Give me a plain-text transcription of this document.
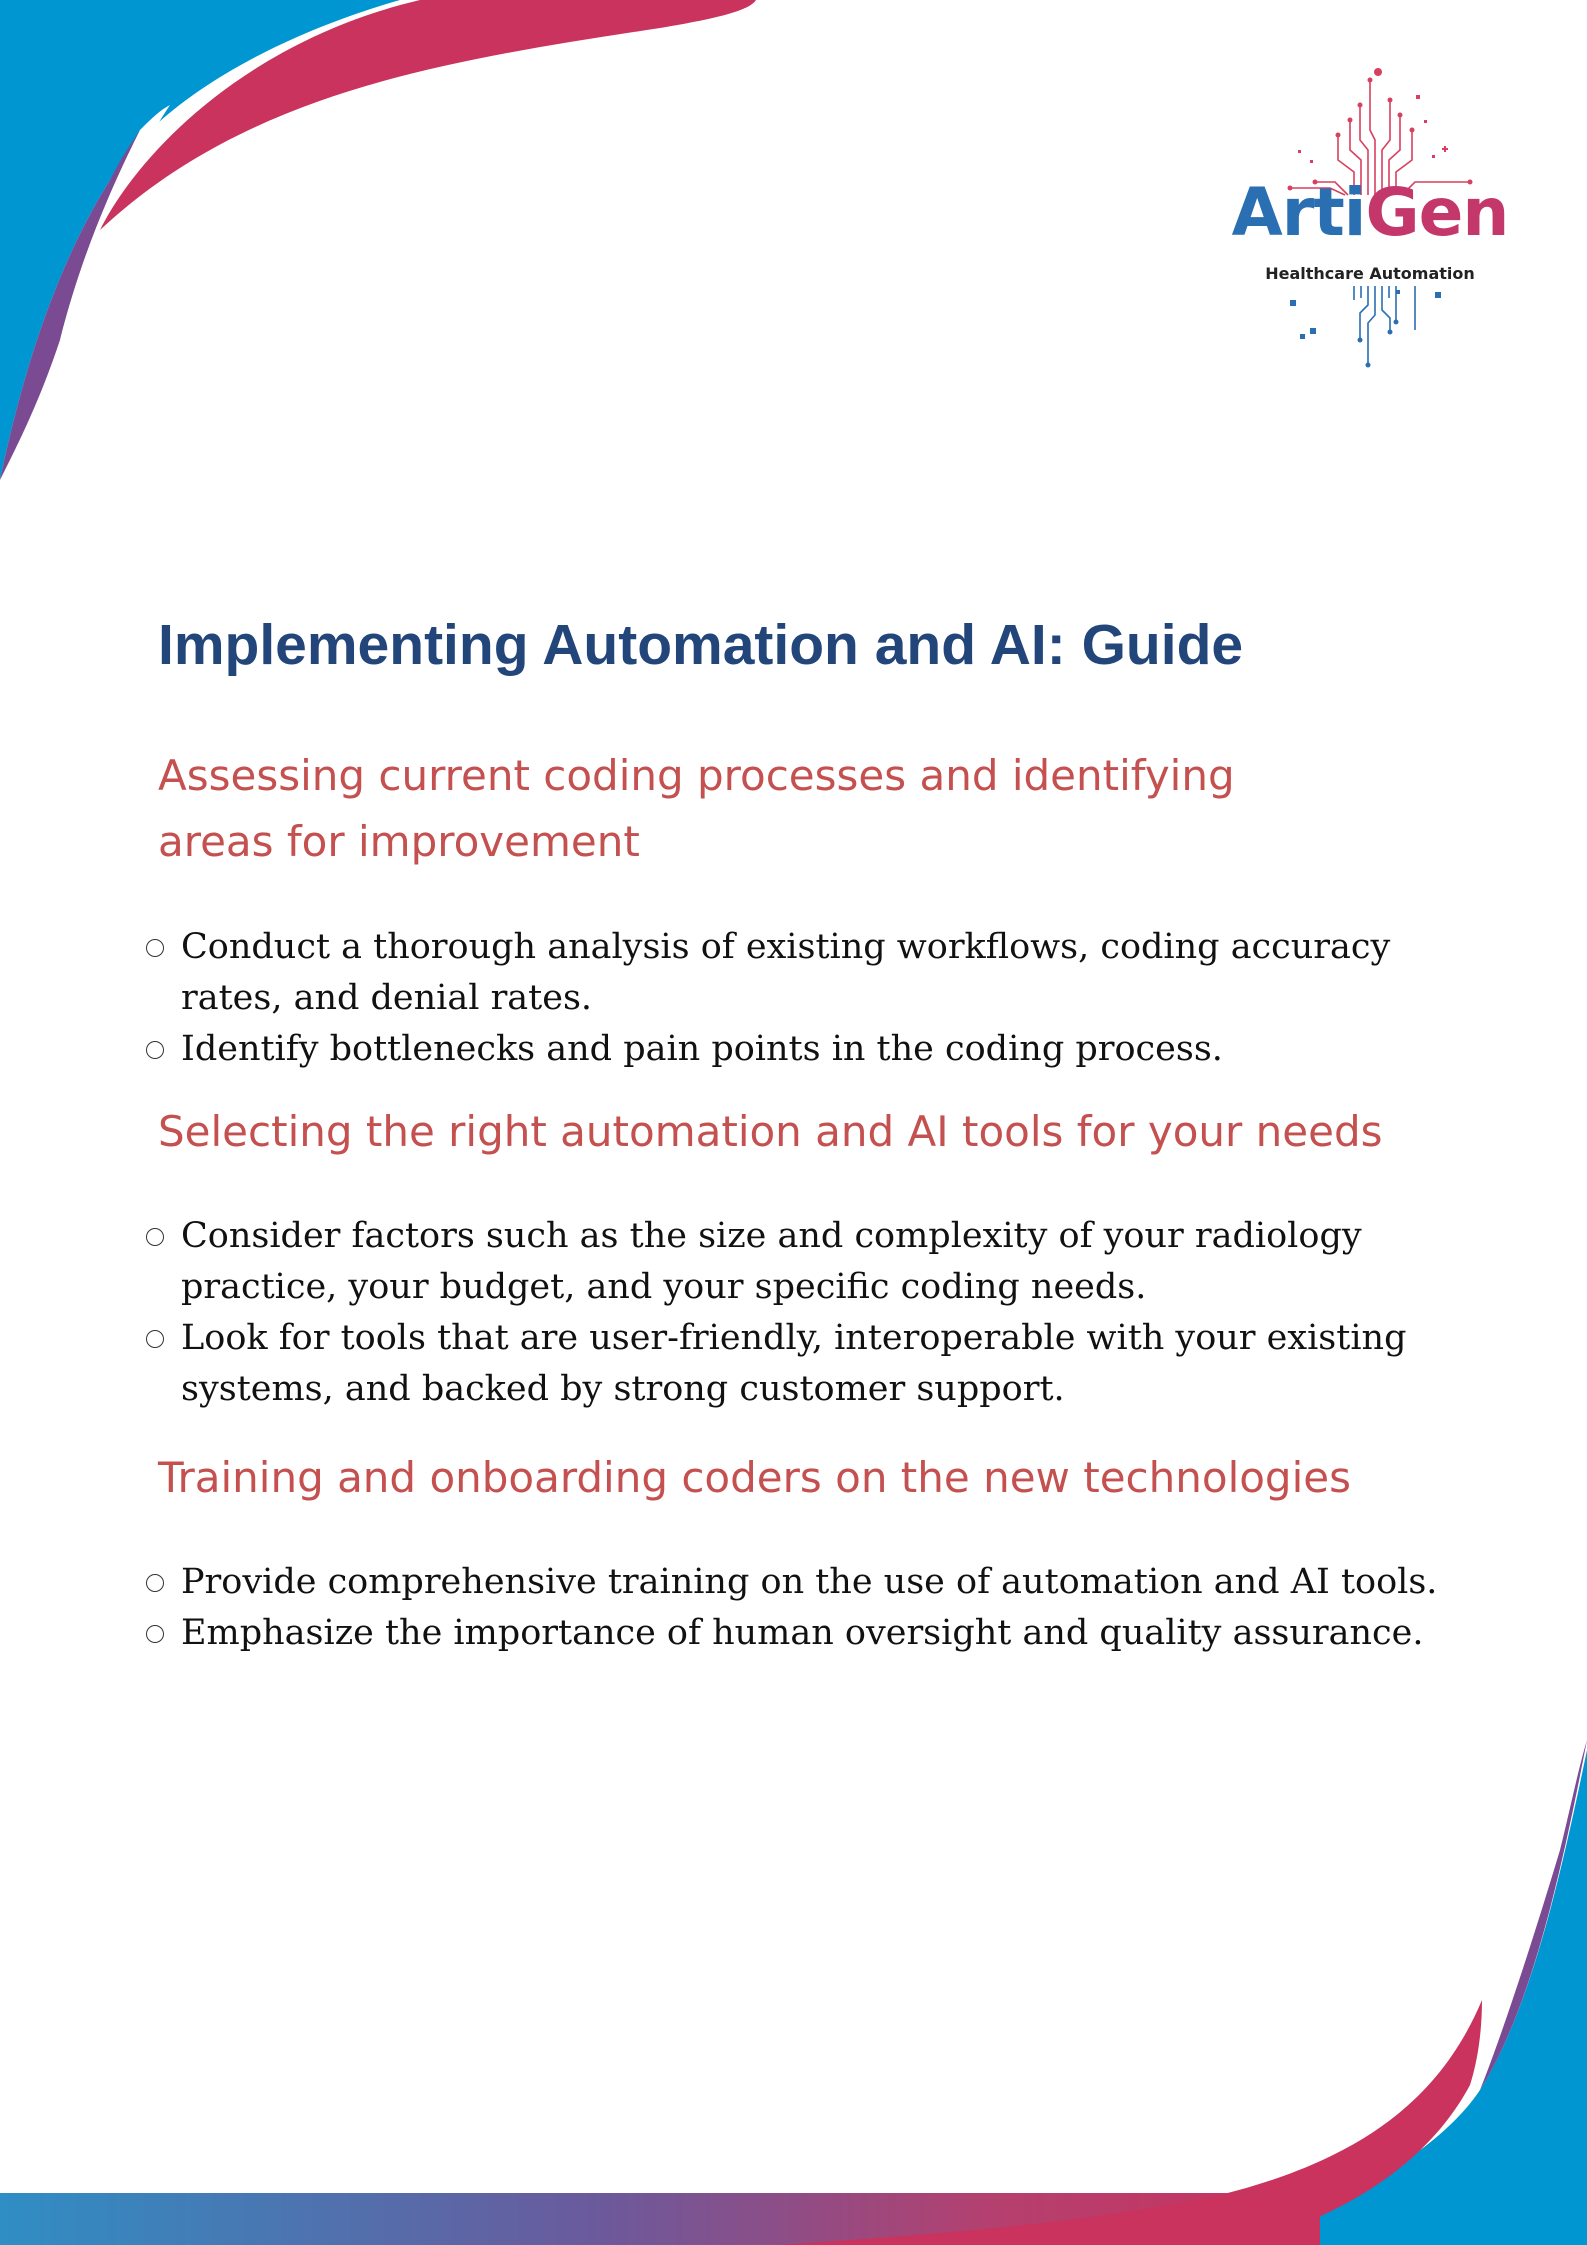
ArtiGen
Healthcare Automation
Implementing Automation and AI: Guide
Assessing current coding processes and identifying
areas for improvement
Conduct a thorough analysis of existing workflows, coding accuracy
rates, and denial rates.
Identify bottlenecks and pain points in the coding process.
Selecting the right automation and AI tools for your needs
Consider factors such as the size and complexity of your radiology
practice, your budget, and your specific coding needs.
Look for tools that are user-friendly, interoperable with your existing
systems, and backed by strong customer support.
Training and onboarding coders on the new technologies
Provide comprehensive training on the use of automation and AI tools.
Emphasize the importance of human oversight and quality assurance.
